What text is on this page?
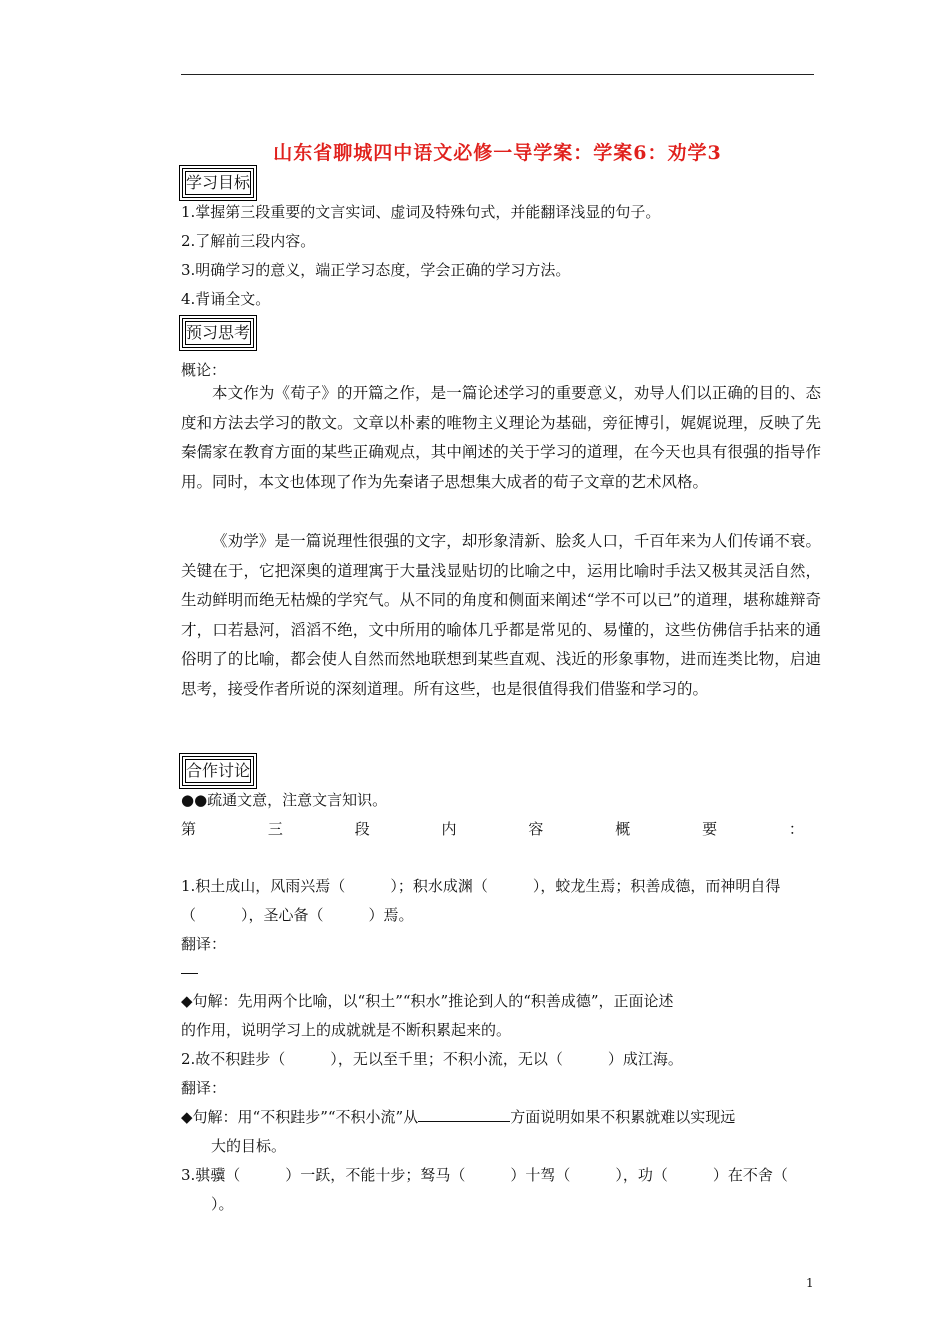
山东省聊城四中语文必修一导学案：学案6：劝学3
学习目标
1.掌握第三段重要的文言实词、虚词及特殊句式，并能翻译浅显的句子。
2.了解前三段内容。
3.明确学习的意义，端正学习态度，学会正确的学习方法。
4.背诵全文。
预习思考
概论：
本文作为《荀子》的开篇之作，是一篇论述学习的重要意义，劝导人们以正确的目的、态度和方法去学习的散文。文章以朴素的唯物主义理论为基础，旁征博引，娓娓说理，反映了先秦儒家在教育方面的某些正确观点，其中阐述的关于学习的道理，在今天也具有很强的指导作用。同时，本文也体现了作为先秦诸子思想集大成者的荀子文章的艺术风格。
《劝学》是一篇说理性很强的文字，却形象清新、脍炙人口，千百年来为人们传诵不衰。关键在于，它把深奥的道理寓于大量浅显贴切的比喻之中，运用比喻时手法又极其灵活自然，生动鲜明而绝无枯燥的学究气。从不同的角度和侧面来阐述“学不可以已”的道理，堪称雄辩奇才，口若悬河，滔滔不绝，文中所用的喻体几乎都是常见的、易懂的，这些仿佛信手拈来的通俗明了的比喻，都会使人自然而然地联想到某些直观、浅近的形象事物，进而连类比物，启迪思考，接受作者所说的深刻道理。所有这些，也是很值得我们借鉴和学习的。
合作讨论
●●疏通文意，注意文言知识。
第	三	段	内	容	概	要	：
1.积土成山，风雨兴焉（　　　）；积水成渊（　　　），蛟龙生焉；积善成德，而神明自得
（　　　），圣心备（　　　）焉。
翻译：
◆句解：先用两个比喻，以“积土”“积水”推论到人的“积善成德”，正面论述
的作用，说明学习上的成就就是不断积累起来的。
2.故不积跬步（　　　），无以至千里；不积小流，无以（　　　）成江海。
翻译：
◆句解：用“不积跬步”“不积小流”从	方面说明如果不积累就难以实现远
大的目标。
3.骐骥（　　　）一跃，不能十步；驽马（　　　）十驾（　　　），功（　　　）在不舍（
）。
1
